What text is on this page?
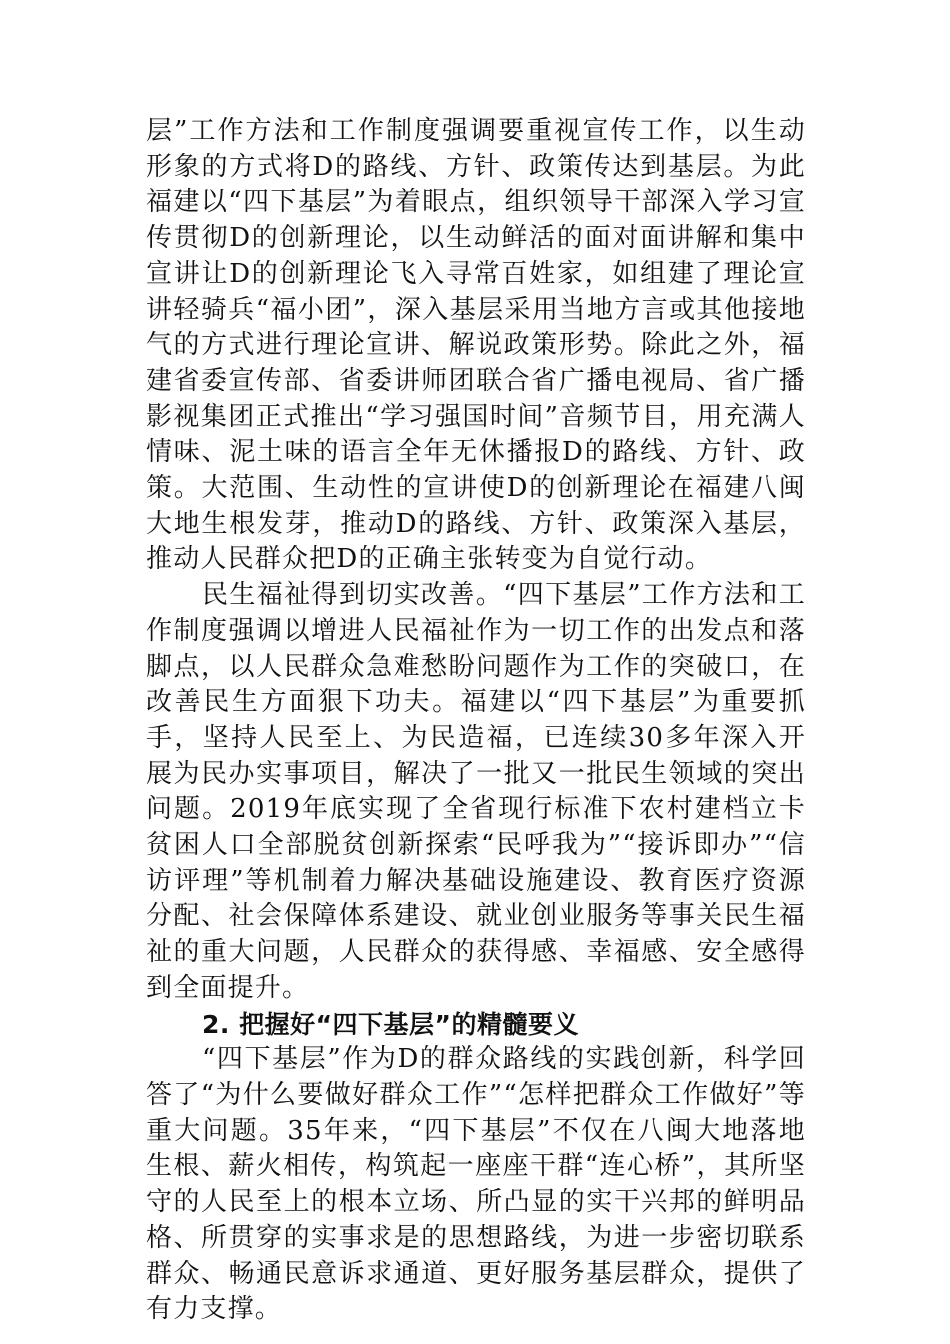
层”工作方法和工作制度强调要重视宣传工作，以生动形象的方式将D的路线、方针、政策传达到基层。为此福建以“四下基层”为着眼点，组织领导干部深入学习宣传贯彻D的创新理论，以生动鲜活的面对面讲解和集中宣讲让D的创新理论飞入寻常百姓家，如组建了理论宣讲轻骑兵“福小团”，深入基层采用当地方言或其他接地气的方式进行理论宣讲、解说政策形势。除此之外，福建省委宣传部、省委讲师团联合省广播电视局、省广播影视集团正式推出“学习强国时间”音频节目，用充满人情味、泥土味的语言全年无休播报D的路线、方针、政策。大范围、生动性的宣讲使D的创新理论在福建八闽大地生根发芽，推动D的路线、方针、政策深入基层，推动人民群众把D的正确主张转变为自觉行动。

民生福祉得到切实改善。“四下基层”工作方法和工作制度强调以增进人民福祉作为一切工作的出发点和落脚点，以人民群众急难愁盼问题作为工作的突破口，在改善民生方面狠下功夫。福建以“四下基层”为重要抓手，坚持人民至上、为民造福，已连续30多年深入开展为民办实事项目，解决了一批又一批民生领域的突出问题。2019年底实现了全省现行标准下农村建档立卡贫困人口全部脱贫创新探索“民呼我为”“接诉即办”“信访评理”等机制着力解决基础设施建设、教育医疗资源分配、社会保障体系建设、就业创业服务等事关民生福祉的重大问题，人民群众的获得感、幸福感、安全感得到全面提升。

2. 把握好“四下基层”的精髓要义

“四下基层”作为D的群众路线的实践创新，科学回答了“为什么要做好群众工作”“怎样把群众工作做好”等重大问题。35年来，“四下基层”不仅在八闽大地落地生根、薪火相传，构筑起一座座干群“连心桥”，其所坚守的人民至上的根本立场、所凸显的实干兴邦的鲜明品格、所贯穿的实事求是的思想路线，为进一步密切联系群众、畅通民意诉求通道、更好服务基层群众，提供了有力支撑。
